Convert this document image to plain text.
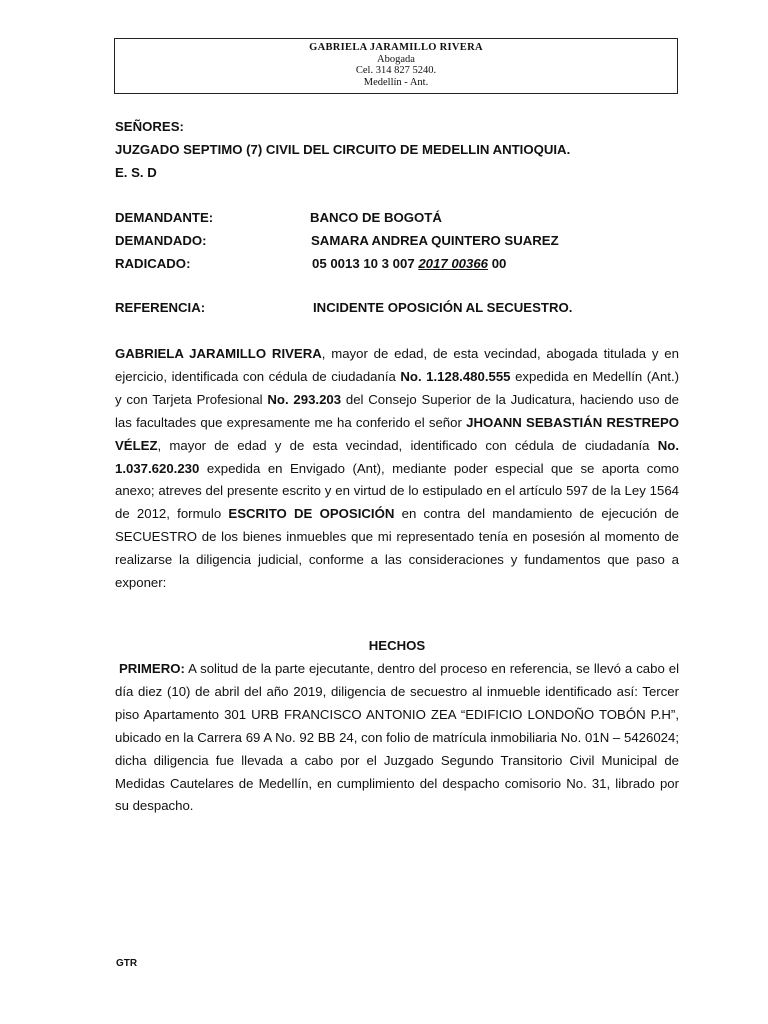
GABRIELA JARAMILLO RIVERA
Abogada
Cel. 314 827 5240.
Medellín - Ant.
SEÑORES:
JUZGADO SEPTIMO (7) CIVIL DEL CIRCUITO DE MEDELLIN ANTIOQUIA.
E. S. D
DEMANDANTE:	BANCO DE BOGOTÁ
DEMANDADO:	SAMARA ANDREA QUINTERO SUAREZ
RADICADO:	05 0013 10 3 007 2017 00366 00
REFERENCIA:	INCIDENTE OPOSICIÓN AL SECUESTRO.
GABRIELA JARAMILLO RIVERA, mayor de edad, de esta vecindad, abogada titulada y en ejercicio, identificada con cédula de ciudadanía No. 1.128.480.555 expedida en Medellín (Ant.) y con Tarjeta Profesional No. 293.203 del Consejo Superior de la Judicatura, haciendo uso de las facultades que expresamente me ha conferido el señor JHOANN SEBASTIÁN RESTREPO VÉLEZ, mayor de edad y de esta vecindad, identificado con cédula de ciudadanía No. 1.037.620.230 expedida en Envigado (Ant), mediante poder especial que se aporta como anexo; atreves del presente escrito y en virtud de lo estipulado en el artículo 597 de la Ley 1564 de 2012, formulo ESCRITO DE OPOSICIÓN en contra del mandamiento de ejecución de SECUESTRO de los bienes inmuebles que mi representado tenía en posesión al momento de realizarse la diligencia judicial, conforme a las consideraciones y fundamentos que paso a exponer:
HECHOS
PRIMERO: A solitud de la parte ejecutante, dentro del proceso en referencia, se llevó a cabo el día diez (10) de abril del año 2019, diligencia de secuestro al inmueble identificado así: Tercer piso Apartamento 301 URB FRANCISCO ANTONIO ZEA “EDIFICIO LONDOÑO TOBÓN P.H”, ubicado en la Carrera 69 A No. 92 BB 24, con folio de matrícula inmobiliaria No. 01N – 5426024; dicha diligencia fue llevada a cabo por el Juzgado Segundo Transitorio Civil Municipal de Medidas Cautelares de Medellín, en cumplimiento del despacho comisorio No. 31, librado por su despacho.
GTR
